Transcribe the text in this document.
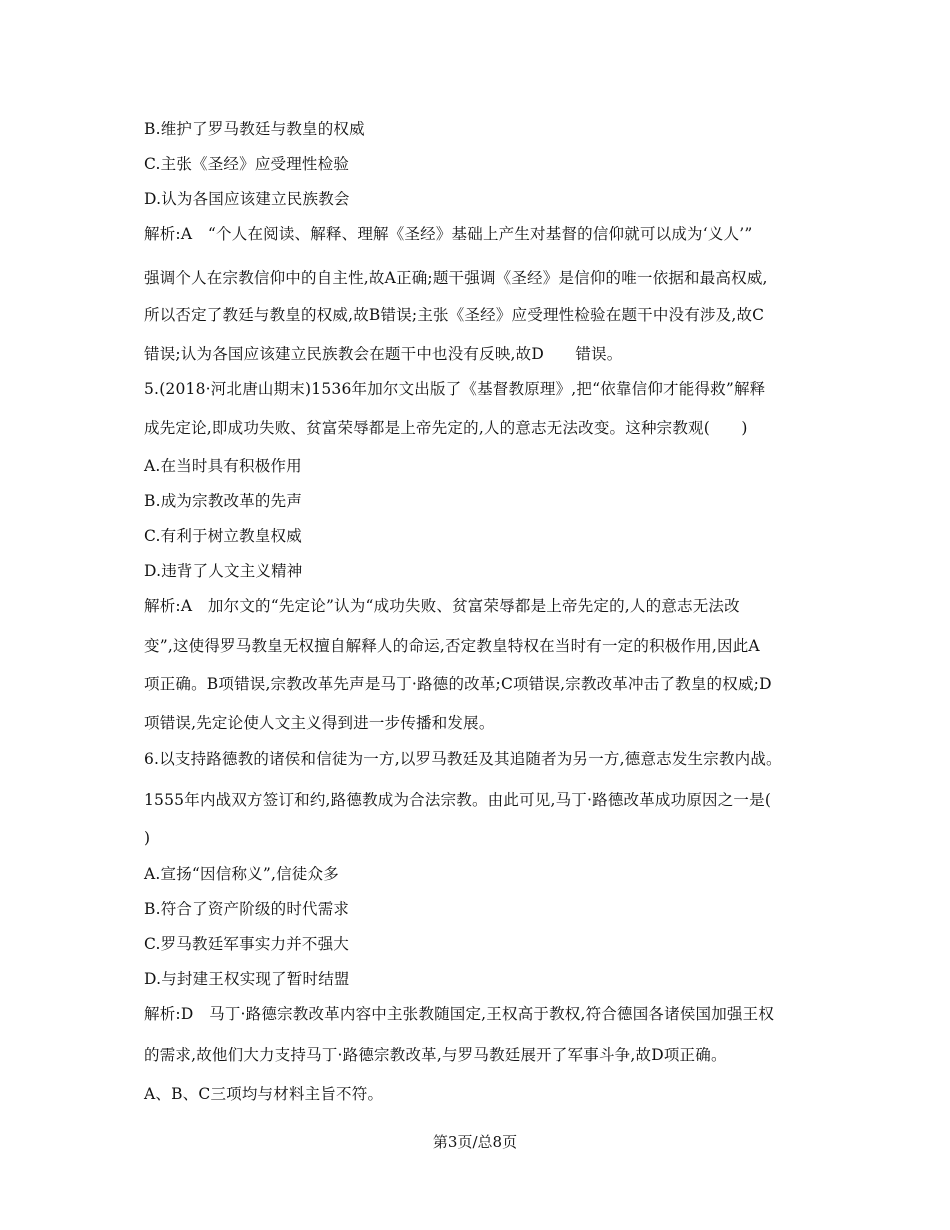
B.维护了罗马教廷与教皇的权威
C.主张《圣经》应受理性检验
D.认为各国应该建立民族教会
解析:A　“个人在阅读、解释、理解《圣经》基础上产生对基督的信仰就可以成为‘义人’”
强调个人在宗教信仰中的自主性,故A正确;题干强调《圣经》是信仰的唯一依据和最高权威,
所以否定了教廷与教皇的权威,故B错误;主张《圣经》应受理性检验在题干中没有涉及,故C
错误;认为各国应该建立民族教会在题干中也没有反映,故D　　错误。
5.(2018·河北唐山期末)1536年加尔文出版了《基督教原理》,把“依靠信仰才能得救”解释
成先定论,即成功失败、贫富荣辱都是上帝先定的,人的意志无法改变。这种宗教观(　　)
A.在当时具有积极作用
B.成为宗教改革的先声
C.有利于树立教皇权威
D.违背了人文主义精神
解析:A　加尔文的“先定论”认为“成功失败、贫富荣辱都是上帝先定的,人的意志无法改
变”,这使得罗马教皇无权擅自解释人的命运,否定教皇特权在当时有一定的积极作用,因此A
项正确。B项错误,宗教改革先声是马丁·路德的改革;C项错误,宗教改革冲击了教皇的权威;D
项错误,先定论使人文主义得到进一步传播和发展。
6.以支持路德教的诸侯和信徒为一方,以罗马教廷及其追随者为另一方,德意志发生宗教内战。
1555年内战双方签订和约,路德教成为合法宗教。由此可见,马丁·路德改革成功原因之一是(
)
A.宣扬“因信称义”,信徒众多
B.符合了资产阶级的时代需求
C.罗马教廷军事实力并不强大
D.与封建王权实现了暂时结盟
解析:D　马丁·路德宗教改革内容中主张教随国定,王权高于教权,符合德国各诸侯国加强王权
的需求,故他们大力支持马丁·路德宗教改革,与罗马教廷展开了军事斗争,故D项正确。
A、B、C三项均与材料主旨不符。
第3页/总8页
